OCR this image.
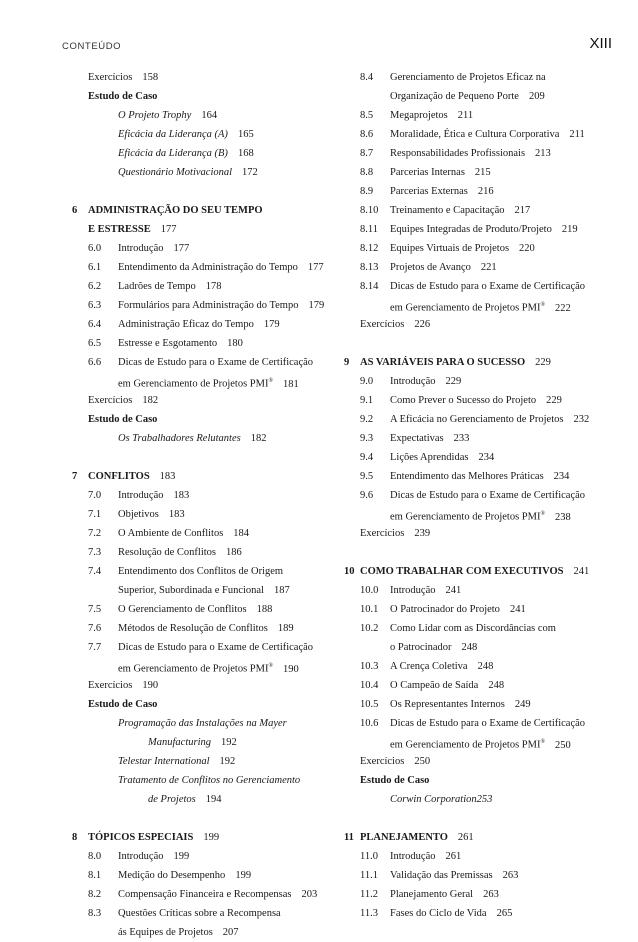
CONTEÚDO	XIII
Exercícios 158
Estudo de Caso
O Projeto Trophy 164
Eficácia da Liderança (A) 165
Eficácia da Liderança (B) 168
Questionário Motivacional 172
6 ADMINISTRAÇÃO DO SEU TEMPO
E ESTRESSE 177
6.0 Introdução 177
6.1 Entendimento da Administração do Tempo 177
6.2 Ladrões de Tempo 178
6.3 Formulários para Administração do Tempo 179
6.4 Administração Eficaz do Tempo 179
6.5 Estresse e Esgotamento 180
6.6 Dicas de Estudo para o Exame de Certificação
em Gerenciamento de Projetos PMI® 181
Exercícios 182
Estudo de Caso
Os Trabalhadores Relutantes 182
7 CONFLITOS 183
7.0 Introdução 183
7.1 Objetivos 183
7.2 O Ambiente de Conflitos 184
7.3 Resolução de Conflitos 186
7.4 Entendimento dos Conflitos de Origem
Superior, Subordinada e Funcional 187
7.5 O Gerenciamento de Conflitos 188
7.6 Métodos de Resolução de Conflitos 189
7.7 Dicas de Estudo para o Exame de Certificação
em Gerenciamento de Projetos PMI® 190
Exercícios 190
Estudo de Caso
Programação das Instalações na Mayer
Manufacturing 192
Telestar International 192
Tratamento de Conflitos no Gerenciamento
de Projetos 194
8 TÓPICOS ESPECIAIS 199
8.0 Introdução 199
8.1 Medição do Desempenho 199
8.2 Compensação Financeira e Recompensas 203
8.3 Questões Críticas sobre a Recompensa
ás Equipes de Projetos 207
8.4 Gerenciamento de Projetos Eficaz na
Organização de Pequeno Porte 209
8.5 Megaprojetos 211
8.6 Moralidade, Ética e Cultura Corporativa 211
8.7 Responsabilidades Profissionais 213
8.8 Parcerias Internas 215
8.9 Parcerias Externas 216
8.10 Treinamento e Capacitação 217
8.11 Equipes Integradas de Produto/Projeto 219
8.12 Equipes Virtuais de Projetos 220
8.13 Projetos de Avanço 221
8.14 Dicas de Estudo para o Exame de Certificação
em Gerenciamento de Projetos PMI® 222
Exercícios 226
9 AS VARIÁVEIS PARA O SUCESSO 229
9.0 Introdução 229
9.1 Como Prever o Sucesso do Projeto 229
9.2 A Eficácia no Gerenciamento de Projetos 232
9.3 Expectativas 233
9.4 Lições Aprendidas 234
9.5 Entendimento das Melhores Práticas 234
9.6 Dicas de Estudo para o Exame de Certificação
em Gerenciamento de Projetos PMI® 238
Exercícios 239
10 COMO TRABALHAR COM EXECUTIVOS 241
10.0 Introdução 241
10.1 O Patrocinador do Projeto 241
10.2 Como Lidar com as Discordâncias com
o Patrocinador 248
10.3 A Crença Coletiva 248
10.4 O Campeão de Saída 248
10.5 Os Representantes Internos 249
10.6 Dicas de Estudo para o Exame de Certificação
em Gerenciamento de Projetos PMI® 250
Exercícios 250
Estudo de Caso
Corwin Corporation253
11 PLANEJAMENTO 261
11.0 Introdução 261
11.1 Validação das Premissas 263
11.2 Planejamento Geral 263
11.3 Fases do Ciclo de Vida 265
